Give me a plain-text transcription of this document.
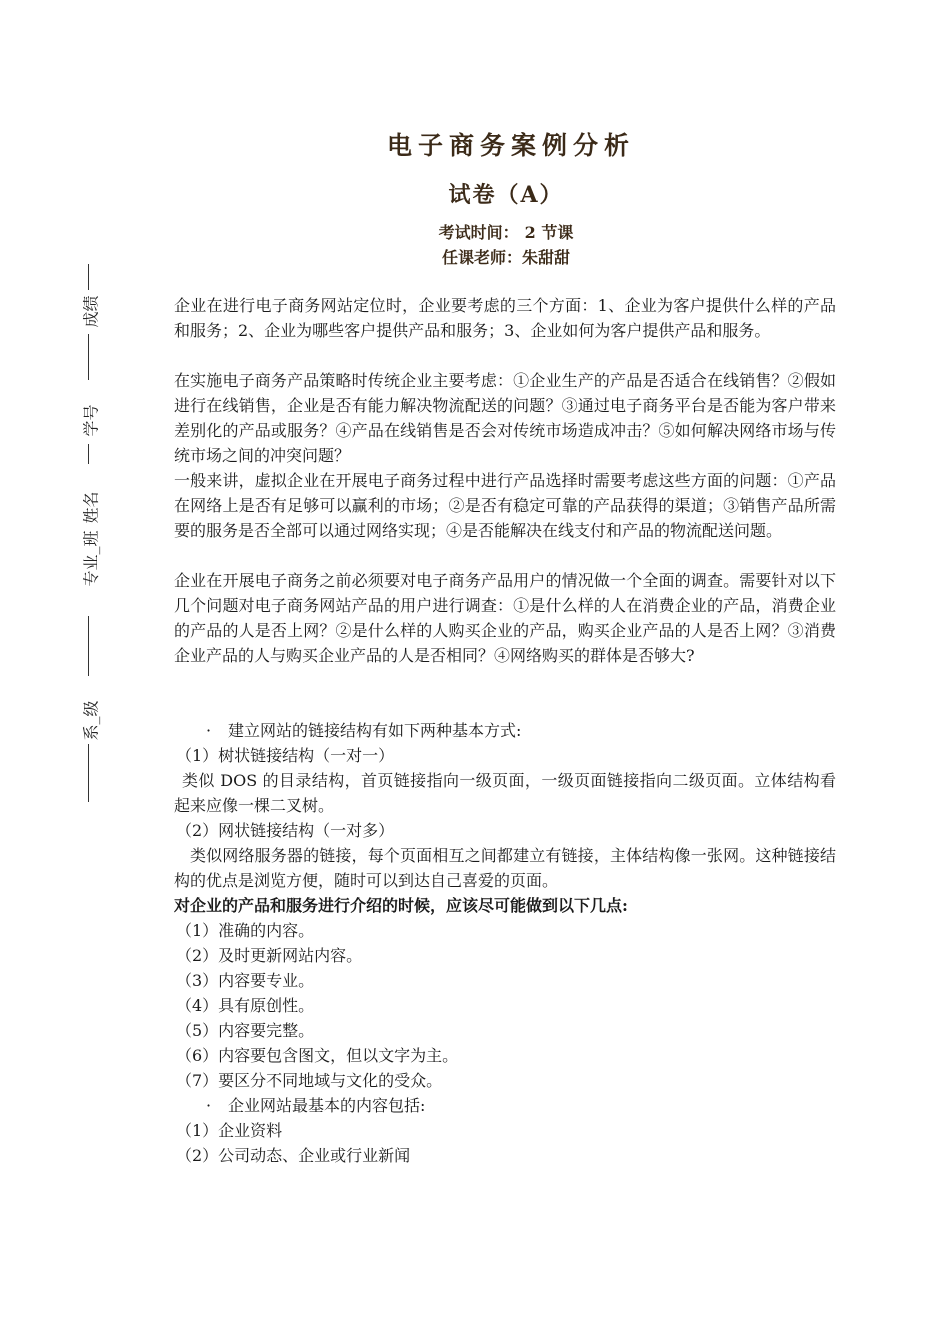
电子商务案例分析
试卷（A）
考试时间： 2 节课
任课老师：朱甜甜
成绩
学号
姓名
专业_班
系_级

企业在进行电子商务网站定位时，企业要考虑的三个方面：1、企业为客户提供什么样的产品和服务；2、企业为哪些客户提供产品和服务；3、企业如何为客户提供产品和服务。

在实施电子商务产品策略时传统企业主要考虑：①企业生产的产品是否适合在线销售？②假如进行在线销售，企业是否有能力解决物流配送的问题？③通过电子商务平台是否能为客户带来差别化的产品或服务？④产品在线销售是否会对传统市场造成冲击？⑤如何解决网络市场与传统市场之间的冲突问题？

一般来讲，虚拟企业在开展电子商务过程中进行产品选择时需要考虑这些方面的问题：①产品在网络上是否有足够可以赢利的市场；②是否有稳定可靠的产品获得的渠道；③销售产品所需要的服务是否全部可以通过网络实现；④是否能解决在线支付和产品的物流配送问题。

企业在开展电子商务之前必须要对电子商务产品用户的情况做一个全面的调查。需要针对以下几个问题对电子商务网站产品的用户进行调查：①是什么样的人在消费企业的产品，消费企业的产品的人是否上网？②是什么样的人购买企业的产品，购买企业产品的人是否上网？③消费企业产品的人与购买企业产品的人是否相同？④网络购买的群体是否够大?

· 建立网站的链接结构有如下两种基本方式:

（1）树状链接结构（一对一）

类似 DOS 的目录结构，首页链接指向一级页面，一级页面链接指向二级页面。立体结构看起来应像一棵二叉树。

（2）网状链接结构（一对多）

类似网络服务器的链接，每个页面相互之间都建立有链接，主体结构像一张网。这种链接结构的优点是浏览方便，随时可以到达自己喜爱的页面。

对企业的产品和服务进行介绍的时候，应该尽可能做到以下几点:

（1）准确的内容。

（2）及时更新网站内容。

（3）内容要专业。

（4）具有原创性。

（5）内容要完整。

（6）内容要包含图文，但以文字为主。

（7）要区分不同地域与文化的受众。

· 企业网站最基本的内容包括:

（1）企业资料

（2）公司动态、企业或行业新闻
